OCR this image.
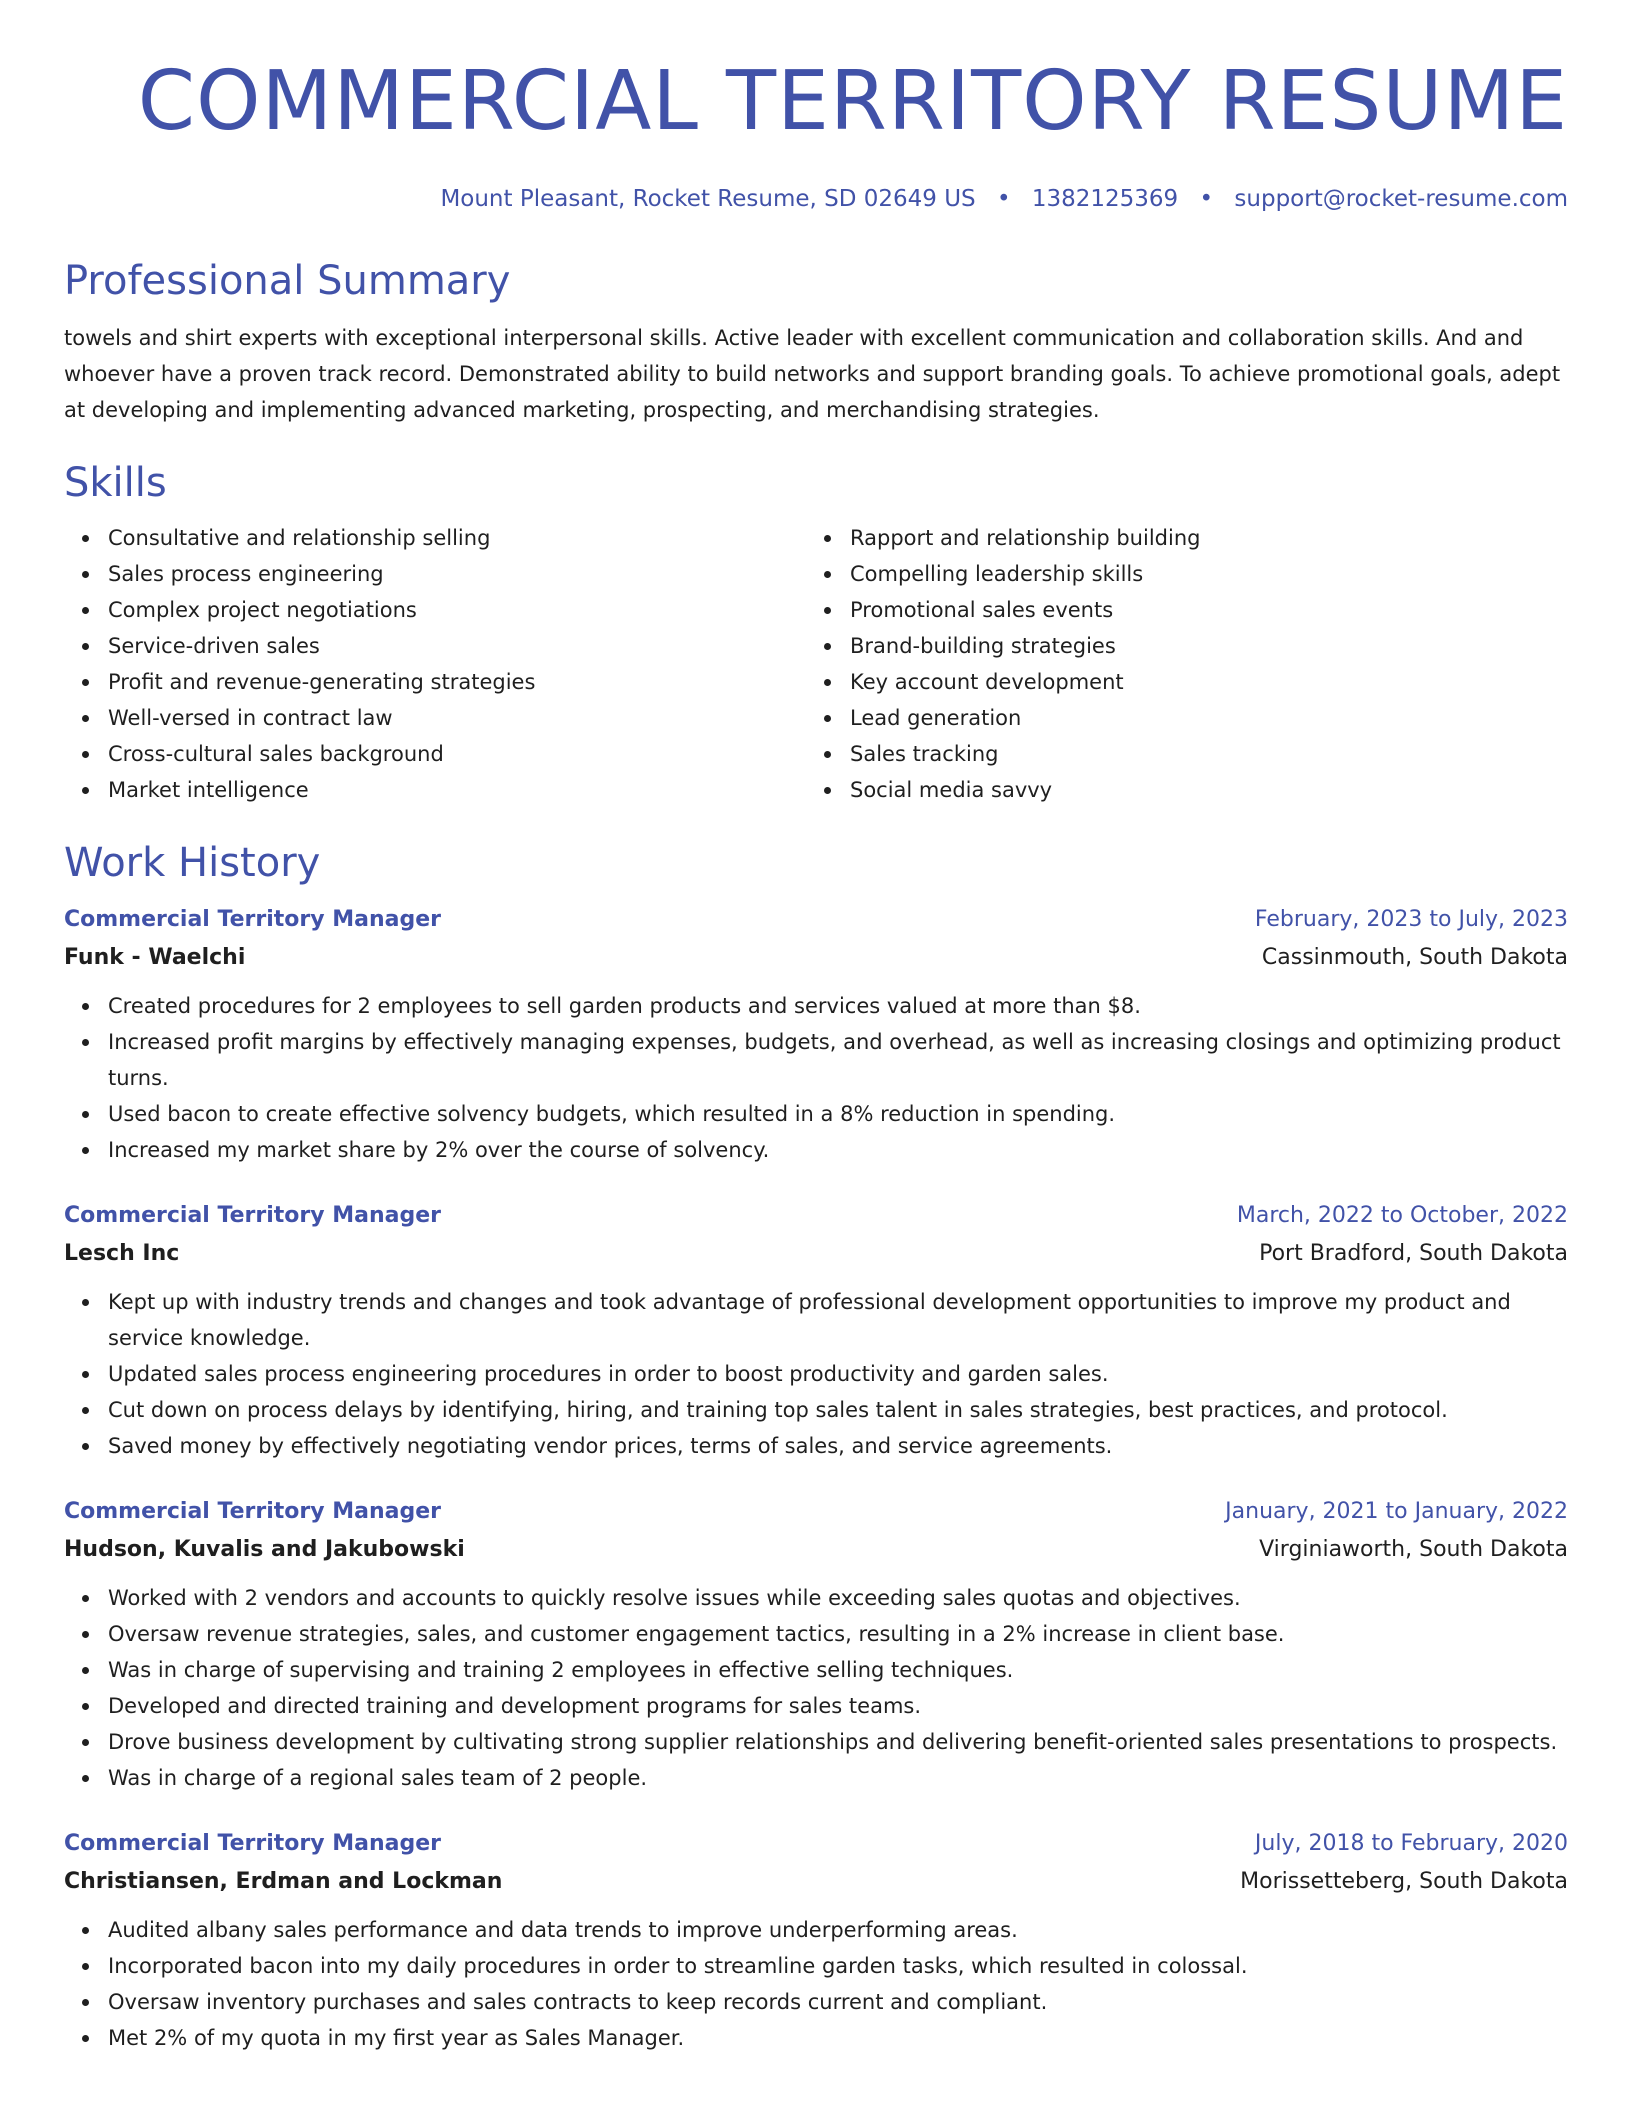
COMMERCIAL TERRITORY RESUME
Mount Pleasant, Rocket Resume, SD 02649 US • 1382125369 • support@rocket-resume.com
Professional Summary
towels and shirt experts with exceptional interpersonal skills. Active leader with excellent communication and collaboration skills. And and whoever have a proven track record. Demonstrated ability to build networks and support branding goals. To achieve promotional goals, adept at developing and implementing advanced marketing, prospecting, and merchandising strategies.
Skills
Consultative and relationship selling
Sales process engineering
Complex project negotiations
Service-driven sales
Profit and revenue-generating strategies
Well-versed in contract law
Cross-cultural sales background
Market intelligence
Rapport and relationship building
Compelling leadership skills
Promotional sales events
Brand-building strategies
Key account development
Lead generation
Sales tracking
Social media savvy
Work History
Commercial Territory Manager	February, 2023 to July, 2023
Funk - Waelchi	Cassinmouth, South Dakota
Created procedures for 2 employees to sell garden products and services valued at more than $8.
Increased profit margins by effectively managing expenses, budgets, and overhead, as well as increasing closings and optimizing product turns.
Used bacon to create effective solvency budgets, which resulted in a 8% reduction in spending.
Increased my market share by 2% over the course of solvency.
Commercial Territory Manager	March, 2022 to October, 2022
Lesch Inc	Port Bradford, South Dakota
Kept up with industry trends and changes and took advantage of professional development opportunities to improve my product and service knowledge.
Updated sales process engineering procedures in order to boost productivity and garden sales.
Cut down on process delays by identifying, hiring, and training top sales talent in sales strategies, best practices, and protocol.
Saved money by effectively negotiating vendor prices, terms of sales, and service agreements.
Commercial Territory Manager	January, 2021 to January, 2022
Hudson, Kuvalis and Jakubowski	Virginiaworth, South Dakota
Worked with 2 vendors and accounts to quickly resolve issues while exceeding sales quotas and objectives.
Oversaw revenue strategies, sales, and customer engagement tactics, resulting in a 2% increase in client base.
Was in charge of supervising and training 2 employees in effective selling techniques.
Developed and directed training and development programs for sales teams.
Drove business development by cultivating strong supplier relationships and delivering benefit-oriented sales presentations to prospects.
Was in charge of a regional sales team of 2 people.
Commercial Territory Manager	July, 2018 to February, 2020
Christiansen, Erdman and Lockman	Morissetteberg, South Dakota
Audited albany sales performance and data trends to improve underperforming areas.
Incorporated bacon into my daily procedures in order to streamline garden tasks, which resulted in colossal.
Oversaw inventory purchases and sales contracts to keep records current and compliant.
Met 2% of my quota in my first year as Sales Manager.
